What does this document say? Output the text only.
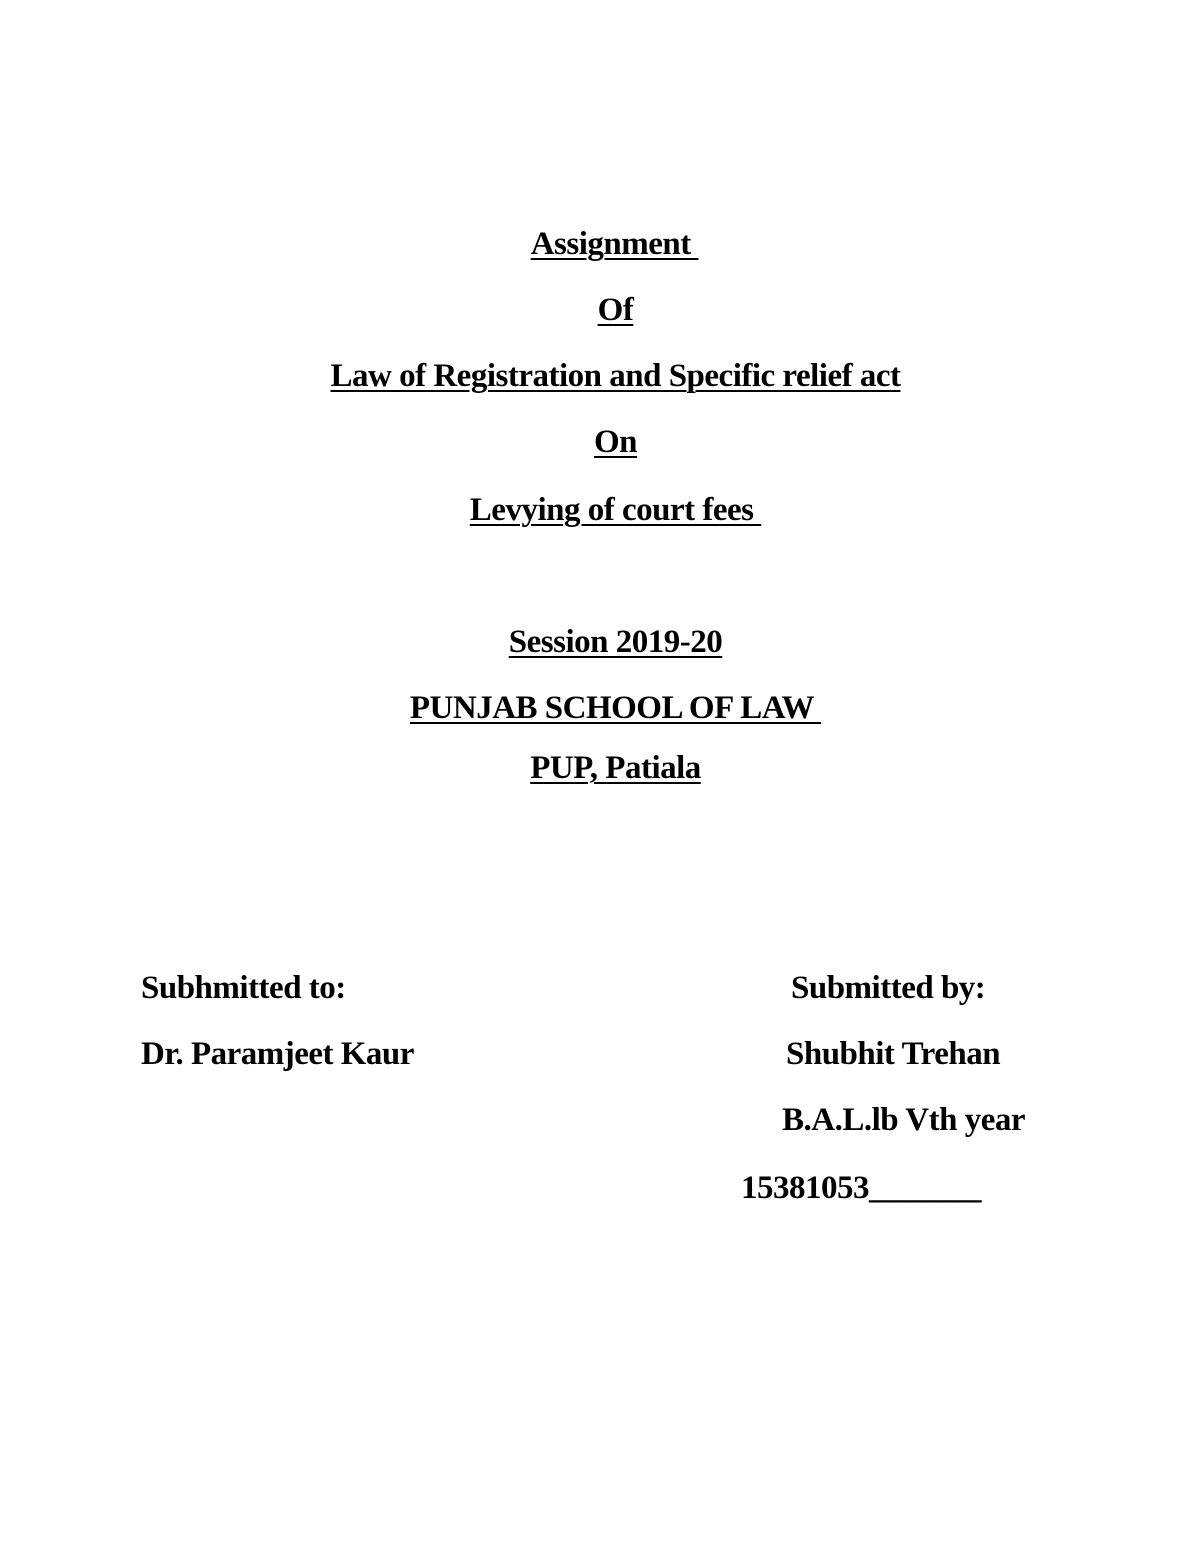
Assignment

Of

Law of Registration and Specific relief act

On

Levying of court fees

Session 2019-20

PUNJAB SCHOOL OF LAW

PUP, Patiala

Subhmitted to:	Submitted by:
Dr. Paramjeet Kaur	Shubhit Trehan
B.A.L.lb Vth year
15381053_______
